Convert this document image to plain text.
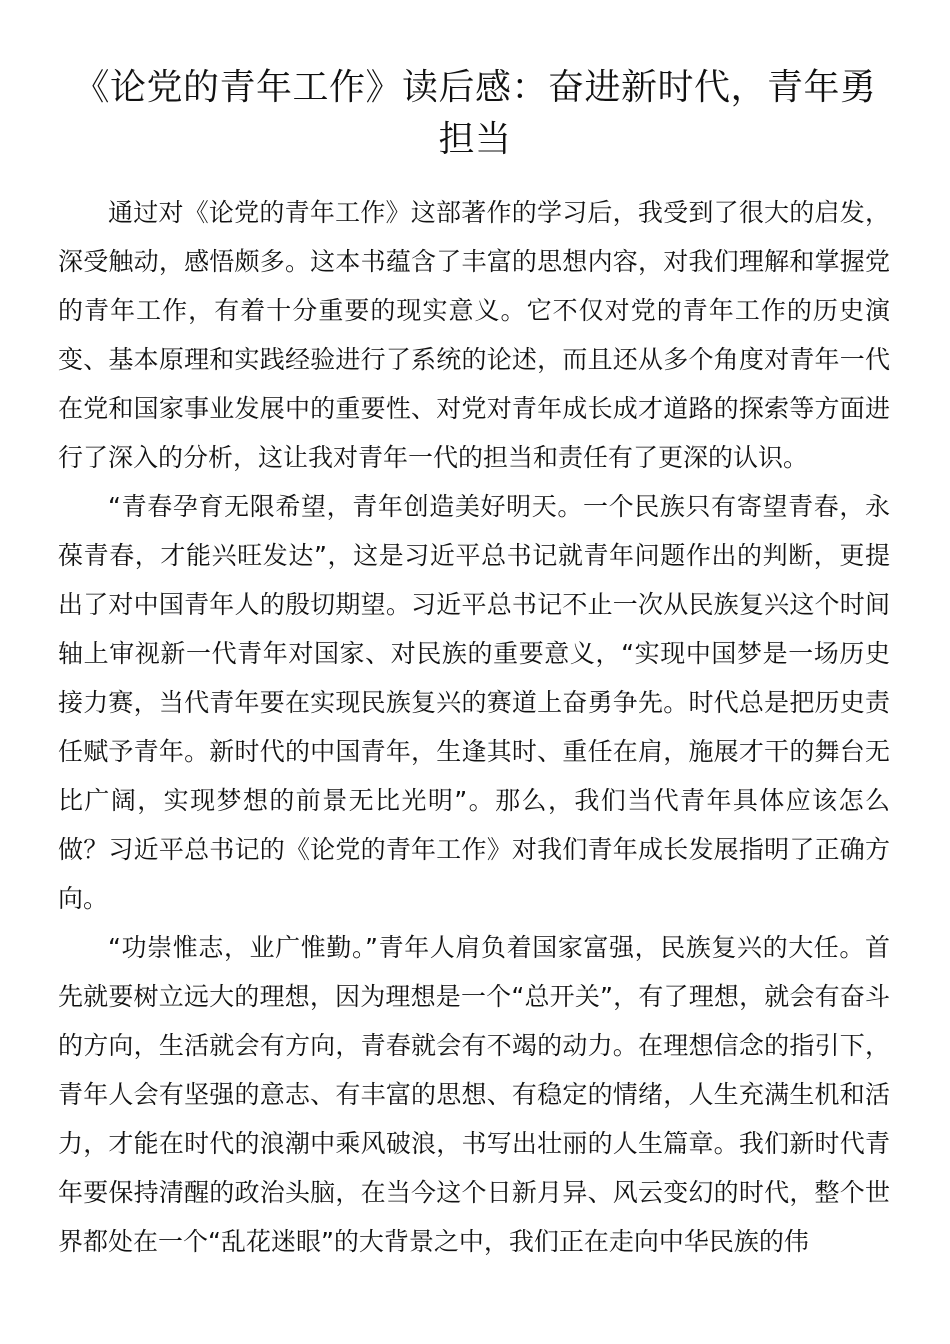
《论党的青年工作》读后感：奋进新时代，青年勇担当

通过对《论党的青年工作》这部著作的学习后，我受到了很大的启发，深受触动，感悟颇多。这本书蕴含了丰富的思想内容，对我们理解和掌握党的青年工作，有着十分重要的现实意义。它不仅对党的青年工作的历史演变、基本原理和实践经验进行了系统的论述，而且还从多个角度对青年一代在党和国家事业发展中的重要性、对党对青年成长成才道路的探索等方面进行了深入的分析，这让我对青年一代的担当和责任有了更深的认识。

“青春孕育无限希望，青年创造美好明天。一个民族只有寄望青春，永葆青春，才能兴旺发达”，这是习近平总书记就青年问题作出的判断，更提出了对中国青年人的殷切期望。习近平总书记不止一次从民族复兴这个时间轴上审视新一代青年对国家、对民族的重要意义，“实现中国梦是一场历史接力赛，当代青年要在实现民族复兴的赛道上奋勇争先。时代总是把历史责任赋予青年。新时代的中国青年，生逢其时、重任在肩，施展才干的舞台无比广阔，实现梦想的前景无比光明”。那么，我们当代青年具体应该怎么做？习近平总书记的《论党的青年工作》对我们青年成长发展指明了正确方向。

“功崇惟志，业广惟勤。”青年人肩负着国家富强，民族复兴的大任。首先就要树立远大的理想，因为理想是一个“总开关”，有了理想，就会有奋斗的方向，生活就会有方向，青春就会有不竭的动力。在理想信念的指引下，青年人会有坚强的意志、有丰富的思想、有稳定的情绪，人生充满生机和活力，才能在时代的浪潮中乘风破浪，书写出壮丽的人生篇章。我们新时代青年要保持清醒的政治头脑，在当今这个日新月异、风云变幻的时代，整个世界都处在一个“乱花迷眼”的大背景之中，我们正在走向中华民族的伟
